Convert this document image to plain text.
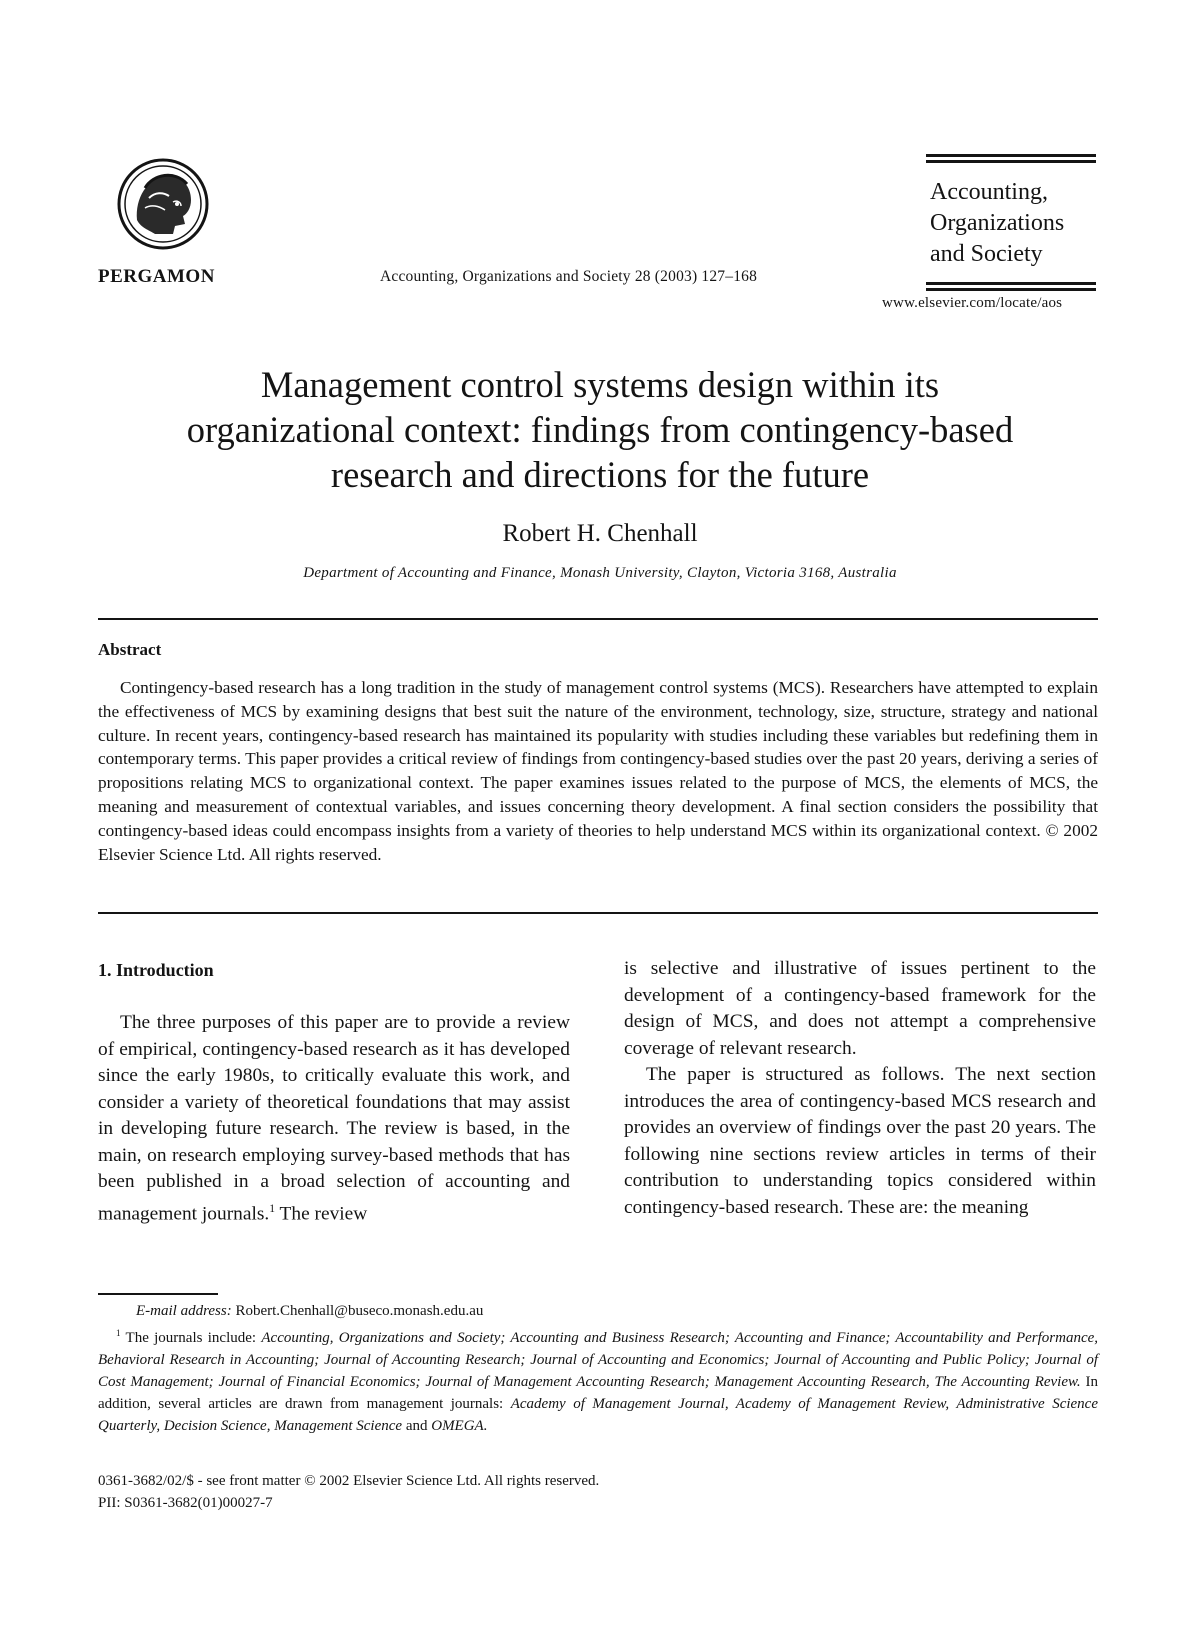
PERGAMON	Accounting, Organizations and Society 28 (2003) 127–168
Accounting,
Organizations
and Society
www.elsevier.com/locate/aos
Management control systems design within its
organizational context: findings from contingency-based
research and directions for the future
Robert H. Chenhall
Department of Accounting and Finance, Monash University, Clayton, Victoria 3168, Australia
Abstract
Contingency-based research has a long tradition in the study of management control systems (MCS). Researchers have attempted to explain the effectiveness of MCS by examining designs that best suit the nature of the environment, technology, size, structure, strategy and national culture. In recent years, contingency-based research has maintained its popularity with studies including these variables but redefining them in contemporary terms. This paper provides a critical review of findings from contingency-based studies over the past 20 years, deriving a series of propositions relating MCS to organizational context. The paper examines issues related to the purpose of MCS, the elements of MCS, the meaning and measurement of contextual variables, and issues concerning theory development. A final section considers the possibility that contingency-based ideas could encompass insights from a variety of theories to help understand MCS within its organizational context. © 2002 Elsevier Science Ltd. All rights reserved.
1. Introduction

The three purposes of this paper are to provide a review of empirical, contingency-based research as it has developed since the early 1980s, to critically evaluate this work, and consider a variety of theoretical foundations that may assist in developing future research. The review is based, in the main, on research employing survey-based methods that has been published in a broad selection of accounting and management journals.$^1$ The review

is selective and illustrative of issues pertinent to the development of a contingency-based framework for the design of MCS, and does not attempt a comprehensive coverage of relevant research.

The paper is structured as follows. The next section introduces the area of contingency-based MCS research and provides an overview of findings over the past 20 years. The following nine sections review articles in terms of their contribution to understanding topics considered within contingency-based research. These are: the meaning

E-mail address: Robert.Chenhall@buseco.monash.edu.au

$^1$ The journals include: Accounting, Organizations and Society; Accounting and Business Research; Accounting and Finance; Accountability and Performance, Behavioral Research in Accounting; Journal of Accounting Research; Journal of Accounting and Economics; Journal of Accounting and Public Policy; Journal of Cost Management; Journal of Financial Economics; Journal of Management Accounting Research; Management Accounting Research, The Accounting Review. In addition, several articles are drawn from management journals: Academy of Management Journal, Academy of Management Review, Administrative Science Quarterly, Decision Science, Management Science and OMEGA.

0361-3682/02/$ - see front matter © 2002 Elsevier Science Ltd. All rights reserved.
PII: S0361-3682(01)00027-7
